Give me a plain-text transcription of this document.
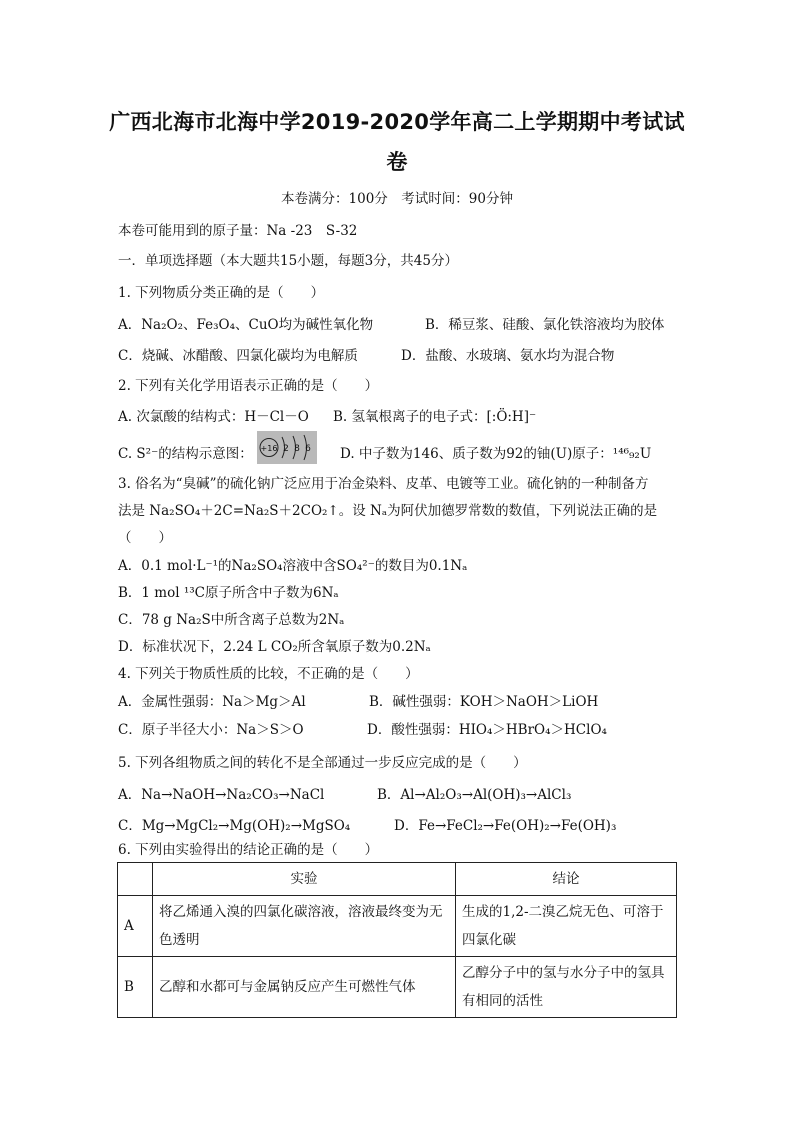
广西北海市北海中学2019-2020学年高二上学期期中考试试
卷
本卷满分：100分　考试时间：90分钟
本卷可能用到的原子量：Na -23　S-32
一．单项选择题（本大题共15小题，每题3分，共45分）
1. 下列物质分类正确的是（　　）
A．Na₂O₂、Fe₃O₄、CuO均为碱性氧化物	B．稀豆浆、硅酸、氯化铁溶液均为胶体
C．烧碱、冰醋酸、四氯化碳均为电解质	D．盐酸、水玻璃、氨水均为混合物
2. 下列有关化学用语表示正确的是（　　）
A. 次氯酸的结构式：H－Cl－O B. 氢氧根离子的电子式：[:Ö:H]⁻
C. S²⁻的结构示意图： +16 2 8 6 D. 中子数为146、质子数为92的铀(U)原子：¹⁴⁶₉₂U
3. 俗名为“臭碱”的硫化钠广泛应用于冶金染料、皮革、电镀等工业。硫化钠的一种制备方
法是 Na₂SO₄＋2C=Na₂S＋2CO₂↑。设 Nₐ为阿伏加德罗常数的数值，下列说法正确的是
（　　）
A．0.1 mol·L⁻¹的Na₂SO₄溶液中含SO₄²⁻的数目为0.1Nₐ
B．1 mol ¹³C原子所含中子数为6Nₐ
C．78 g Na₂S中所含离子总数为2Nₐ
D．标准状况下，2.24 L CO₂所含氧原子数为0.2Nₐ
4. 下列关于物质性质的比较，不正确的是（　　）
A．金属性强弱：Na＞Mg＞Al	B．碱性强弱：KOH＞NaOH＞LiOH
C．原子半径大小：Na＞S＞O	D．酸性强弱：HIO₄＞HBrO₄＞HClO₄
5. 下列各组物质之间的转化不是全部通过一步反应完成的是（　　）
A．Na→NaOH→Na₂CO₃→NaCl	B．Al→Al₂O₃→Al(OH)₃→AlCl₃
C．Mg→MgCl₂→Mg(OH)₂→MgSO₄	D．Fe→FeCl₂→Fe(OH)₂→Fe(OH)₃
6. 下列由实验得出的结论正确的是（　　）
	实验	结论
A	将乙烯通入溴的四氯化碳溶液，溶液最终变为无色透明	生成的1,2-二溴乙烷无色、可溶于四氯化碳
B	乙醇和水都可与金属钠反应产生可燃性气体	乙醇分子中的氢与水分子中的氢具有相同的活性
